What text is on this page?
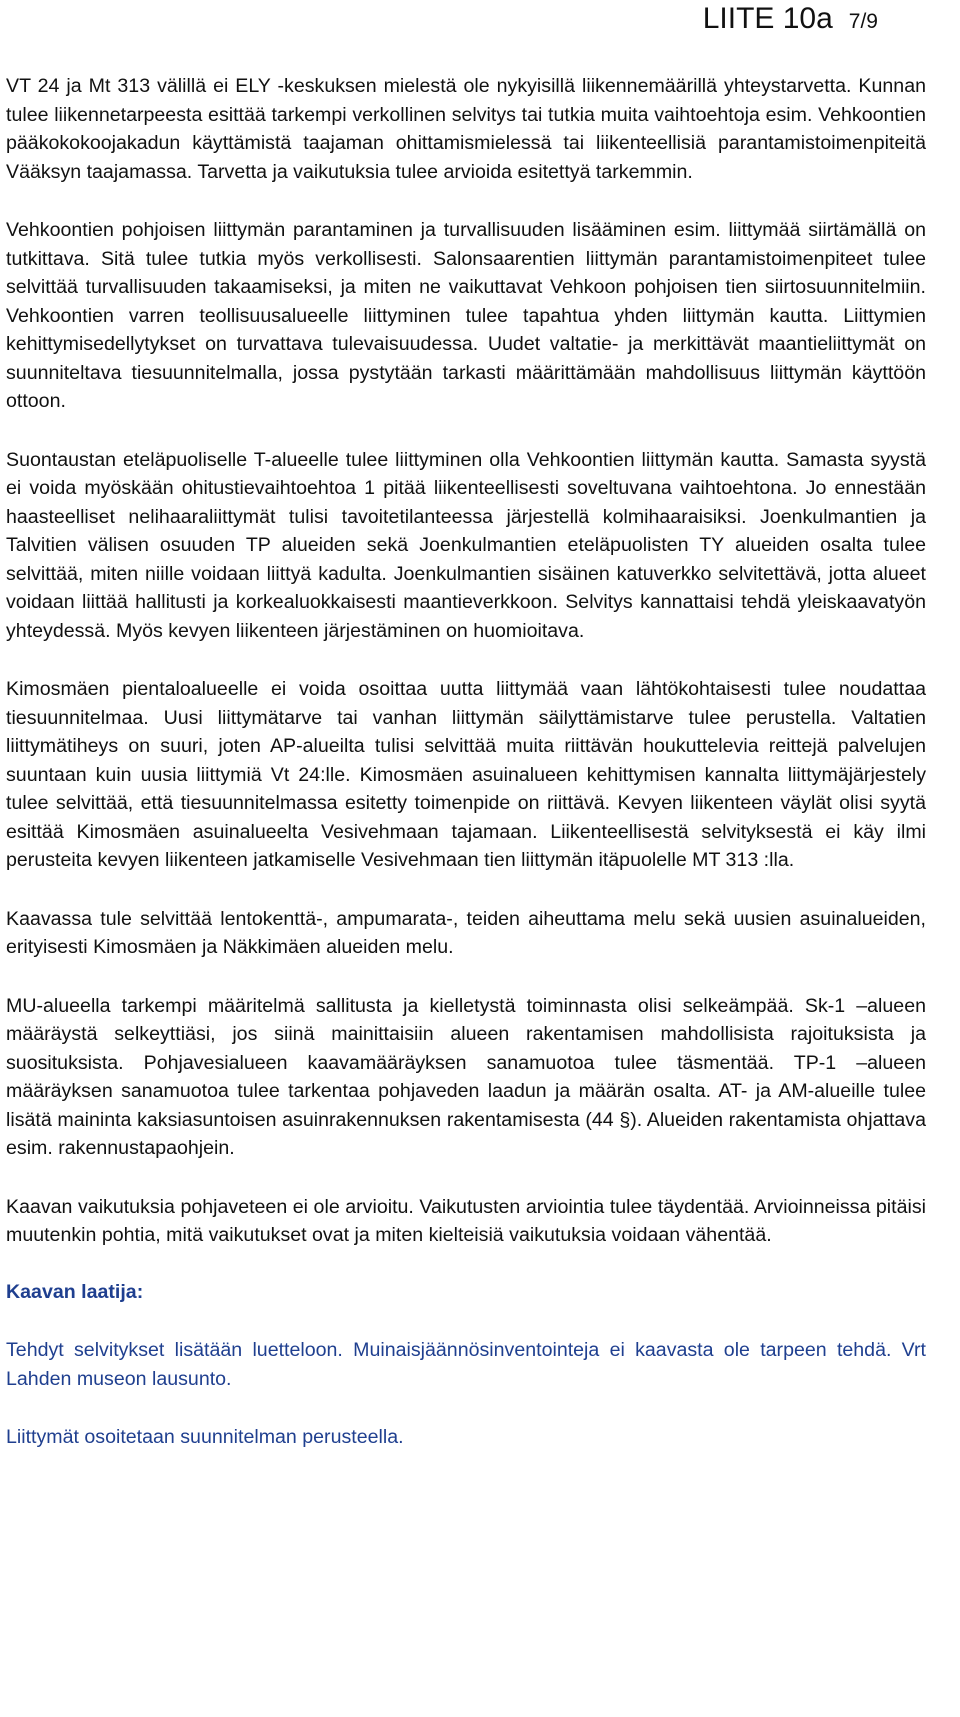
LIITE 10a 7/9

VT 24 ja Mt 313 välillä ei ELY -keskuksen mielestä ole nykyisillä liikennemäärillä yhteystarvetta. Kunnan tulee liikennetarpeesta esittää tarkempi verkollinen selvitys tai tutkia muita vaihtoehtoja esim. Vehkoontien pääkokokoojakadun käyttämistä taajaman ohittamismielessä tai liikenteellisiä parantamistoimenpiteitä Vääksyn taajamassa. Tarvetta ja vaikutuksia tulee arvioida esitettyä tarkemmin.

Vehkoontien pohjoisen liittymän parantaminen ja turvallisuuden lisääminen esim. liittymää siirtämällä on tutkittava. Sitä tulee tutkia myös verkollisesti. Salonsaarentien liittymän parantamistoimenpiteet tulee selvittää turvallisuuden takaamiseksi, ja miten ne vaikuttavat Vehkoon pohjoisen tien siirtosuunnitelmiin. Vehkoontien varren teollisuusalueelle liittyminen tulee tapahtua yhden liittymän kautta. Liittymien kehittymisedellytykset on turvattava tulevaisuudessa. Uudet valtatie- ja merkittävät maantieliittymät on suunniteltava tiesuunnitelmalla, jossa pystytään tarkasti määrittämään mahdollisuus liittymän käyttöön ottoon.

Suontaustan eteläpuoliselle T-alueelle tulee liittyminen olla Vehkoontien liittymän kautta. Samasta syystä ei voida myöskään ohitustievaihtoehtoa 1 pitää liikenteellisesti soveltuvana vaihtoehtona. Jo ennestään haasteelliset nelihaaraliittymät tulisi tavoitetilanteessa järjestellä kolmihaaraisiksi. Joenkulmantien ja Talvitien välisen osuuden TP alueiden sekä Joenkulmantien eteläpuolisten TY alueiden osalta tulee selvittää, miten niille voidaan liittyä kadulta. Joenkulmantien sisäinen katuverkko selvitettävä, jotta alueet voidaan liittää hallitusti ja korkealuokkaisesti maantieverkkoon. Selvitys kannattaisi tehdä yleiskaavatyön yhteydessä. Myös kevyen liikenteen järjestäminen on huomioitava.

Kimosmäen pientaloalueelle ei voida osoittaa uutta liittymää vaan lähtökohtaisesti tulee noudattaa tiesuunnitelmaa. Uusi liittymätarve tai vanhan liittymän säilyttämistarve tulee perustella. Valtatien liittymätiheys on suuri, joten AP-alueilta tulisi selvittää muita riittävän houkuttelevia reittejä palvelujen suuntaan kuin uusia liittymiä Vt 24:lle. Kimosmäen asuinalueen kehittymisen kannalta liittymäjärjestely tulee selvittää, että tiesuunnitelmassa esitetty toimenpide on riittävä. Kevyen liikenteen väylät olisi syytä esittää Kimosmäen asuinalueelta Vesivehmaan tajamaan. Liikenteellisestä selvityksestä ei käy ilmi perusteita kevyen liikenteen jatkamiselle Vesivehmaan tien liittymän itäpuolelle MT 313 :lla.

Kaavassa tule selvittää lentokenttä-, ampumarata-, teiden aiheuttama melu sekä uusien asuinalueiden, erityisesti Kimosmäen ja Näkkimäen alueiden melu.

MU-alueella tarkempi määritelmä sallitusta ja kielletystä toiminnasta olisi selkeämpää. Sk-1 –alueen määräystä selkeyttiäsi, jos siinä mainittaisiin alueen rakentamisen mahdollisista rajoituksista ja suosituksista. Pohjavesialueen kaavamääräyksen sanamuotoa tulee täsmentää. TP-1 –alueen määräyksen sanamuotoa tulee tarkentaa pohjaveden laadun ja määrän osalta. AT- ja AM-alueille tulee lisätä maininta kaksiasuntoisen asuinrakennuksen rakentamisesta (44 §). Alueiden rakentamista ohjattava esim. rakennustapaohjein.

Kaavan vaikutuksia pohjaveteen ei ole arvioitu. Vaikutusten arviointia tulee täydentää. Arvioinneissa pitäisi muutenkin pohtia, mitä vaikutukset ovat ja miten kielteisiä vaikutuksia voidaan vähentää.

Kaavan laatija:

Tehdyt selvitykset lisätään luetteloon. Muinaisjäännösinventointeja ei kaavasta ole tarpeen tehdä. Vrt Lahden museon lausunto.

Liittymät osoitetaan suunnitelman perusteella.
